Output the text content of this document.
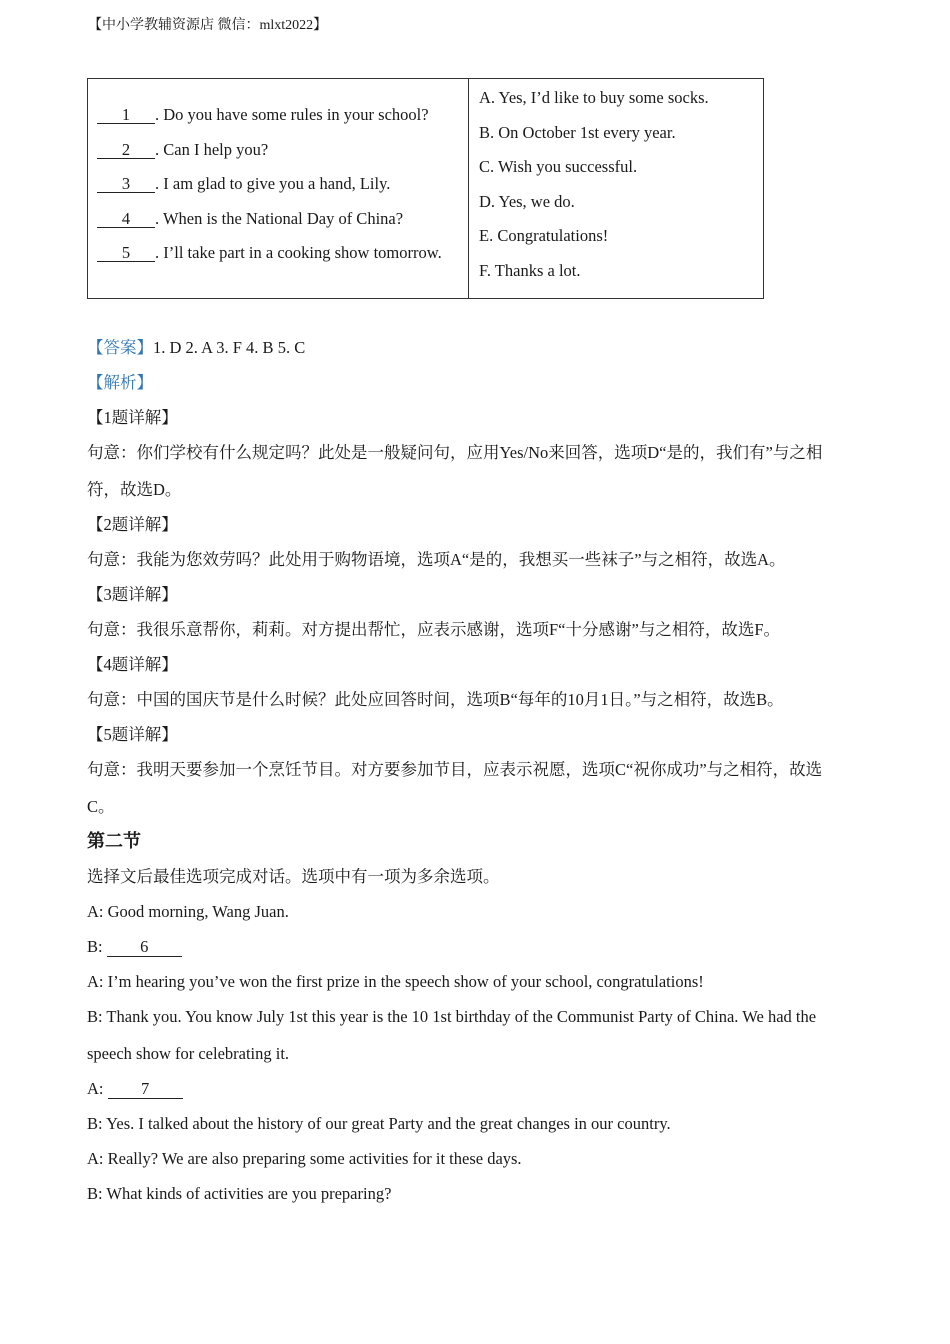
【中小学教辅资源店 微信：mlxt2022】
1 . Do you have some rules in your school?
2 . Can I help you?
3 . I am glad to give you a hand, Lily.
4 . When is the National Day of China?
5 . I’ll take part in a cooking show tomorrow.
A. Yes, I’d like to buy some socks.
B. On October 1st every year.
C. Wish you successful.
D. Yes, we do.
E. Congratulations!
F. Thanks a lot.
【答案】1. D 2. A 3. F 4. B 5. C
【解析】
【1题详解】
句意：你们学校有什么规定吗？此处是一般疑问句，应用Yes/No来回答，选项D“是的，我们有”与之相
符，故选D。
【2题详解】
句意：我能为您效劳吗？此处用于购物语境，选项A“是的，我想买一些袜子”与之相符，故选A。
【3题详解】
句意：我很乐意帮你，莉莉。对方提出帮忙，应表示感谢，选项F“十分感谢”与之相符，故选F。
【4题详解】
句意：中国的国庆节是什么时候？此处应回答时间，选项B“每年的10月1日。”与之相符，故选B。
【5题详解】
句意：我明天要参加一个烹饪节目。对方要参加节目，应表示祝愿，选项C“祝你成功”与之相符，故选
C。
第二节
选择文后最佳选项完成对话。选项中有一项为多余选项。
A: Good morning, Wang Juan.
B: 6
A: I’m hearing you’ve won the first prize in the speech show of your school, congratulations!
B: Thank you. You know July 1st this year is the 10 1st birthday of the Communist Party of China. We had the
speech show for celebrating it.
A: 7
B: Yes. I talked about the history of our great Party and the great changes in our country.
A: Really? We are also preparing some activities for it these days.
B: What kinds of activities are you preparing?
